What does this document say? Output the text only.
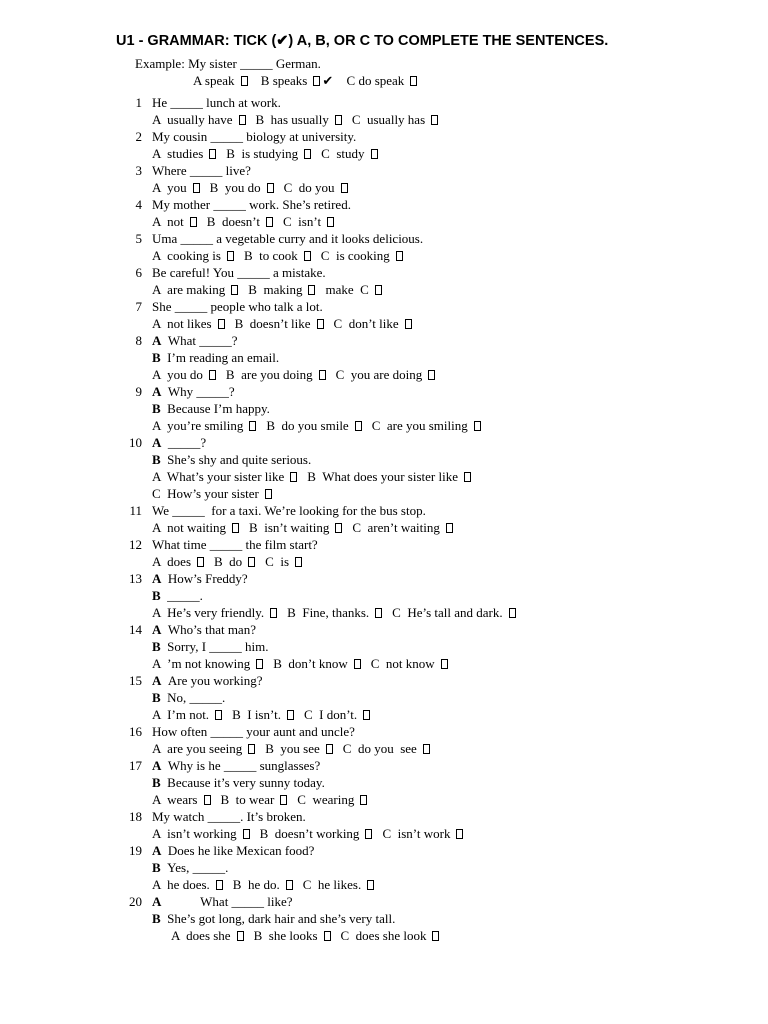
U1 - GRAMMAR: TICK (✔) A, B, OR C TO COMPLETE THE SENTENCES.
Example: My sister _____ German.
A speak B speaks ✔ C do speak
1 He _____ lunch at work.
A  usually have B  has usually C  usually has
2 My cousin _____ biology at university.
A  studies B  is studying C  study
3 Where _____ live?
A  you B  you do C  do you
4 My mother _____ work. She’s retired.
A  not B  doesn’t C  isn’t
5 Uma _____ a vegetable curry and it looks delicious.
A  cooking is B  to cook C  is cooking
6 Be careful! You _____ a mistake.
A  are making B  making make  C
7 She _____ people who talk a lot.
A  not likes B  doesn’t like C  don’t like
8 A What _____?
B I’m reading an email.
A  you do B  are you doing C  you are doing
9 A Why _____?
B Because I’m happy.
A  you’re smiling B  do you smile C  are you smiling
10 A _____?
B She’s shy and quite serious.
A  What’s your sister like B  What does your sister like
C  How’s your sister
11 We _____  for a taxi. We’re looking for the bus stop.
A  not waiting B  isn’t waiting C  aren’t waiting
12 What time _____ the film start?
A  does B  do C  is
13 A How’s Freddy?
B _____.
A  He’s very friendly. B  Fine, thanks. C  He’s tall and dark.
14 A Who’s that man?
B Sorry, I _____ him.
A  ’m not knowing B  don’t know C  not know
15 A Are you working?
B No, _____.
A  I’m not. B  I isn’t. C  I don’t.
16 How often _____ your aunt and uncle?
A  are you seeing B  you see C  do you  see
17 A Why is he _____ sunglasses?
B Because it’s very sunny today.
A  wears B  to wear C  wearing
18 My watch _____. It’s broken.
A  isn’t working B  doesn’t working C  isn’t work
19 A Does he like Mexican food?
B Yes, _____.
A  he does. B  he do. C  he likes.
20 A            What _____ like?
B She’s got long, dark hair and she’s very tall.
A  does she B  she looks C  does she look
